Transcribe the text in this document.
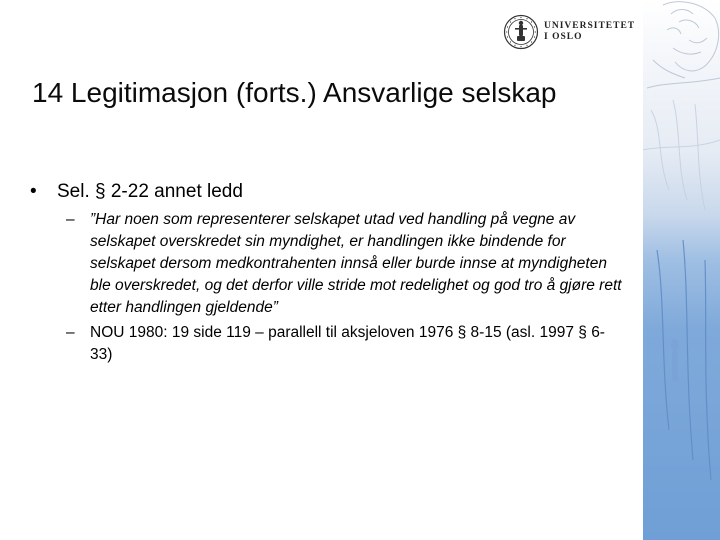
UNIVERSITETET
I OSLO
14 Legitimasjon (forts.) Ansvarlige selskap
• Sel. § 2-22 annet ledd
– ”Har noen som representerer selskapet utad ved handling på vegne av selskapet overskredet sin myndighet, er handlingen ikke bindende for selskapet dersom medkontrahenten innså eller burde innse at myndigheten ble overskredet, og det derfor ville stride mot redelighet og god tro å gjøre rett etter handlingen gjeldende”
– NOU 1980: 19 side 119 – parallell til aksjeloven 1976 § 8-15 (asl. 1997 § 6-33)
